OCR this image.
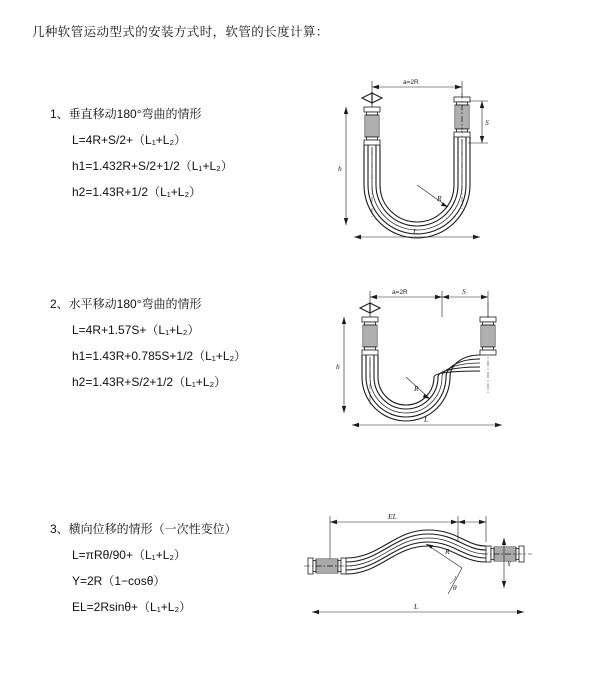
几种软管运动型式的安装方式时，软管的长度计算：

1、垂直移动180°弯曲的情形

L=4R+S/2+（L₁+L₂）

h1=1.432R+S/2+1/2（L₁+L₂）

h2=1.43R+1/2（L₁+L₂）

a=2R
S
h
R
L

2、水平移动180°弯曲的情形

L=4R+1.57S+（L₁+L₂）

h1=1.43R+0.785S+1/2（L₁+L₂）

h2=1.43R+S/2+1/2（L₁+L₂）

a=2R	S
h
R
L

3、横向位移的情形（一次性变位）

L=πRθ/90+（L₁+L₂）

Y=2R（1−cosθ）

EL=2Rsinθ+（L₁+L₂）

EL
Y
R
θ
L
